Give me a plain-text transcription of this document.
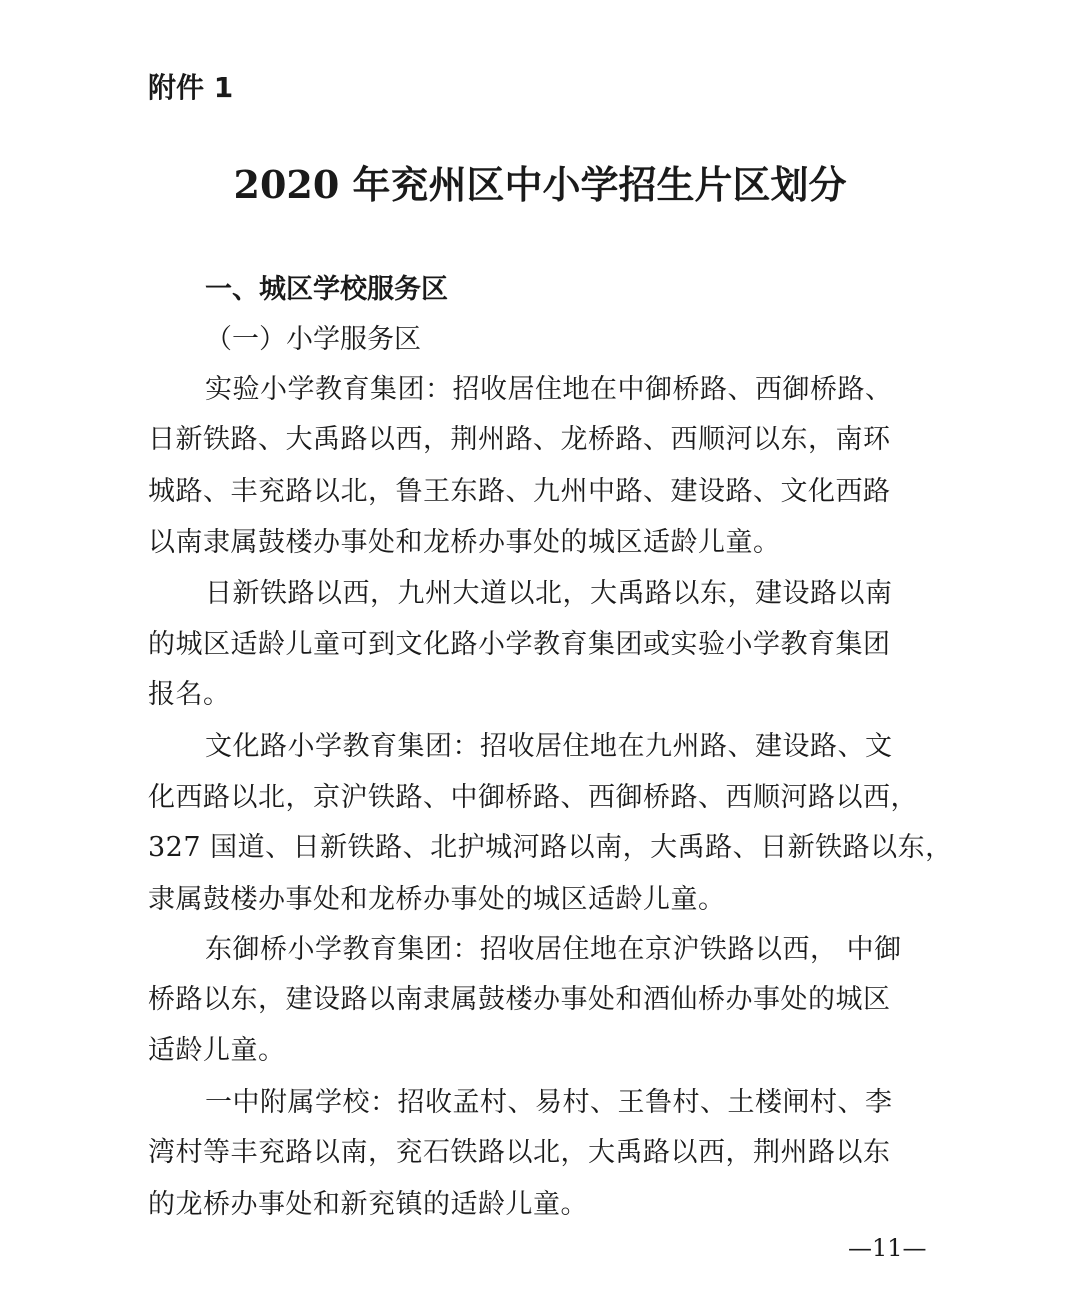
附件 1
2020 年兖州区中小学招生片区划分
一、城区学校服务区
（一）小学服务区
实验小学教育集团：招收居住地在中御桥路、西御桥路、
日新铁路、大禹路以西，荆州路、龙桥路、西顺河以东，南环
城路、丰兖路以北，鲁王东路、九州中路、建设路、文化西路
以南隶属鼓楼办事处和龙桥办事处的城区适龄儿童。
日新铁路以西，九州大道以北，大禹路以东，建设路以南
的城区适龄儿童可到文化路小学教育集团或实验小学教育集团
报名。
文化路小学教育集团：招收居住地在九州路、建设路、文
化西路以北，京沪铁路、中御桥路、西御桥路、西顺河路以西，
327 国道、日新铁路、北护城河路以南，大禹路、日新铁路以东，
隶属鼓楼办事处和龙桥办事处的城区适龄儿童。
东御桥小学教育集团：招收居住地在京沪铁路以西， 中御
桥路以东，建设路以南隶属鼓楼办事处和酒仙桥办事处的城区
适龄儿童。
一中附属学校：招收孟村、易村、王鲁村、土楼闸村、李
湾村等丰兖路以南，兖石铁路以北，大禹路以西，荆州路以东
的龙桥办事处和新兖镇的适龄儿童。
—11—
